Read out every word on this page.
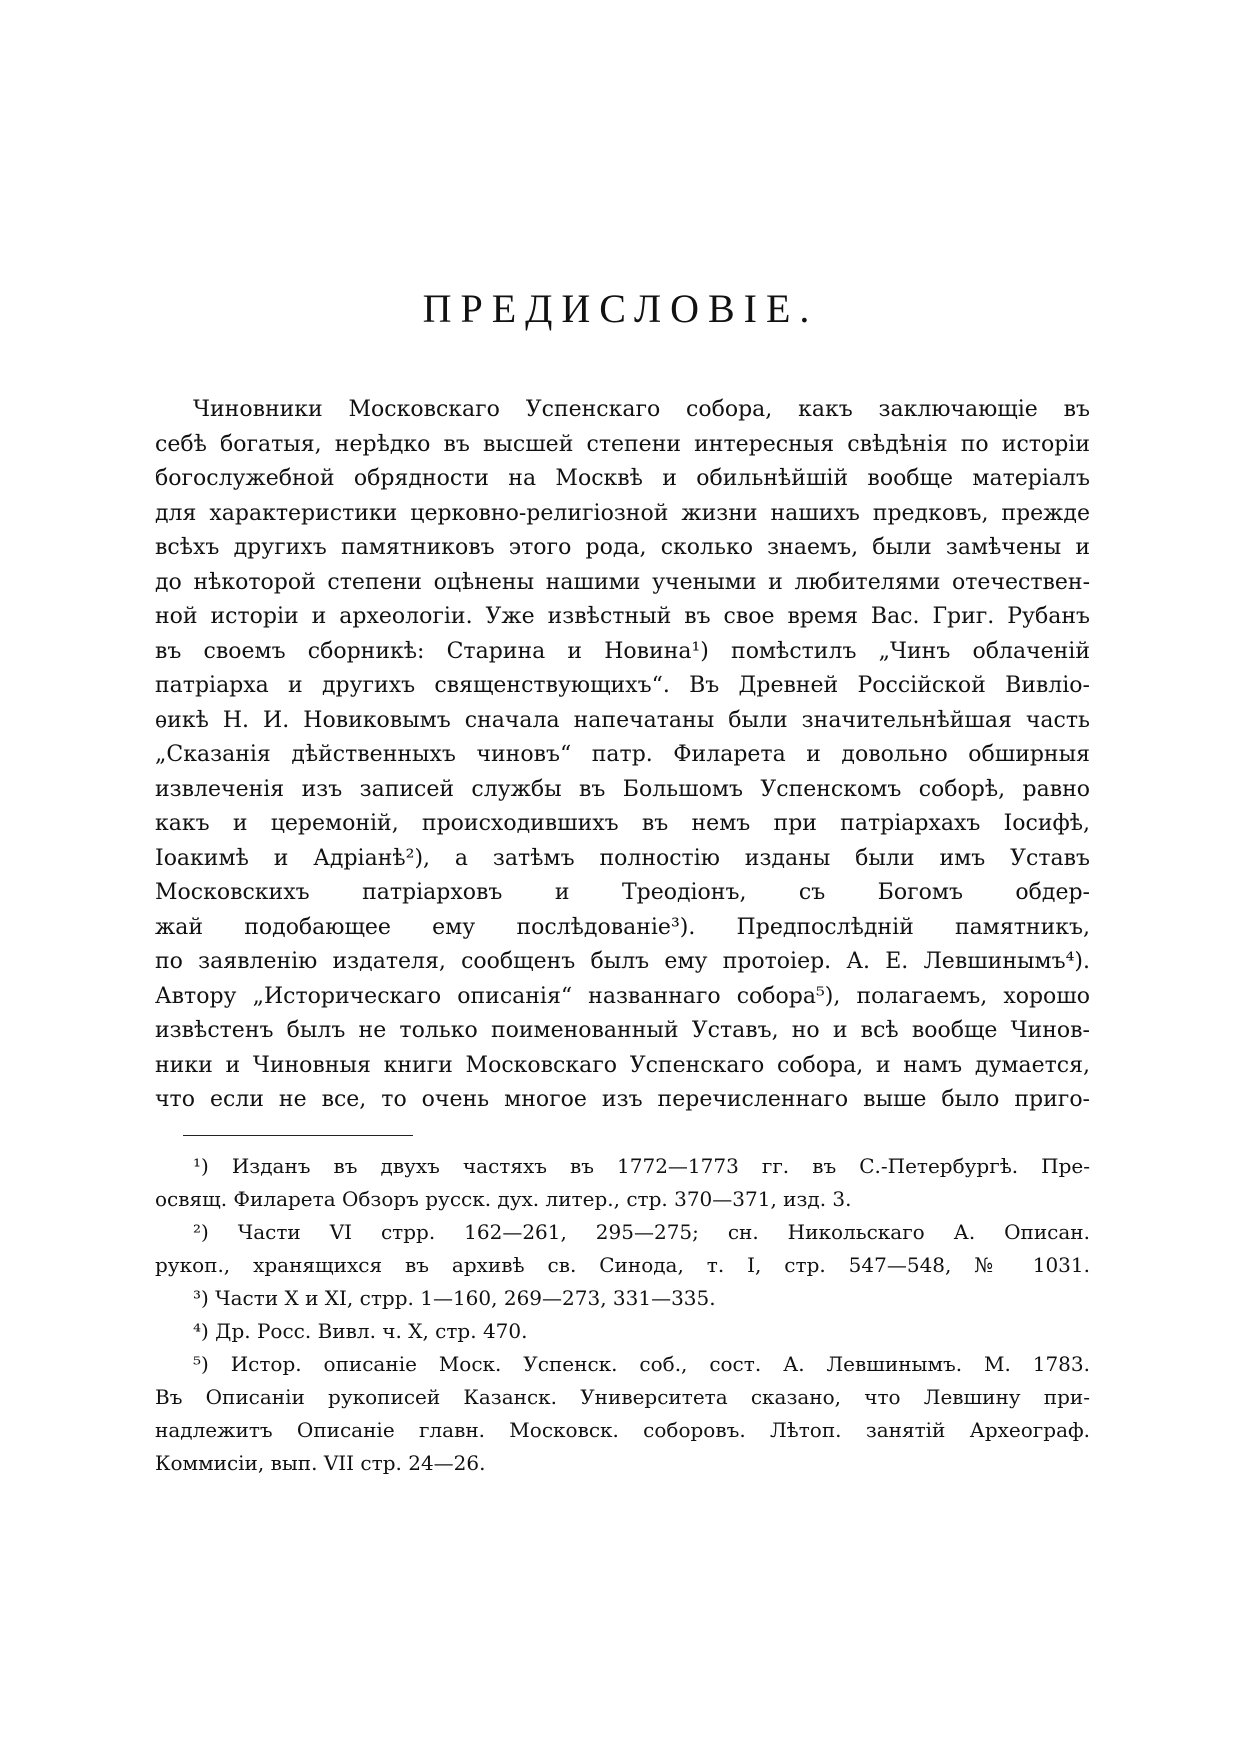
ПРЕДИСЛОВІЕ.
Чиновники Московскаго Успенскаго собора, какъ заключающіе въ
себѣ богатыя, нерѣдко въ высшей степени интересныя свѣдѣнія по исторіи
богослужебной обрядности на Москвѣ и обильнѣйшій вообще матеріалъ
для характеристики церковно-религіозной жизни нашихъ предковъ, прежде
всѣхъ другихъ памятниковъ этого рода, сколько знаемъ, были замѣчены и
до нѣкоторой степени оцѣнены нашими учеными и любителями отечествен-
ной исторіи и археологіи. Уже извѣстный въ свое время Вас. Григ. Рубанъ
въ своемъ сборникѣ: Старина и Новина¹) помѣстилъ „Чинъ облаченій
патріарха и другихъ священствующихъ“. Въ Древней Россійской Вивліо-
ѳикѣ Н. И. Новиковымъ сначала напечатаны были значительнѣйшая часть
„Сказанія дѣйственныхъ чиновъ“ патр. Филарета и довольно обширныя
извлеченія изъ записей службы въ Большомъ Успенскомъ соборѣ, равно
какъ и церемоній, происходившихъ въ немъ при патріархахъ Іосифѣ,
Іоакимѣ и Адріанѣ²), а затѣмъ полностію изданы были имъ Уставъ
Московскихъ патріарховъ и Треодіонъ, съ Богомъ обдер-
жай подобающее ему послѣдованіе³). Предпослѣдній памятникъ,
по заявленію издателя, сообщенъ былъ ему протоіер. А. Е. Левшинымъ⁴).
Автору „Историческаго описанія“ названнаго собора⁵), полагаемъ, хорошо
извѣстенъ былъ не только поименованный Уставъ, но и всѣ вообще Чинов-
ники и Чиновныя книги Московскаго Успенскаго собора, и намъ думается,
что если не все, то очень многое изъ перечисленнаго выше было приго-
¹) Изданъ въ двухъ частяхъ въ 1772—1773 гг. въ С.-Петербургѣ. Пре-
освящ. Филарета Обзоръ русск. дух. литер., стр. 370—371, изд. 3.
²) Части VI стрр. 162—261, 295—275; сн. Никольскаго А. Описан.
рукоп., хранящихся въ архивѣ св. Синода, т. I, стр. 547—548, № 1031.
³) Части X и XI, стрр. 1—160, 269—273, 331—335.
⁴) Др. Росс. Вивл. ч. X, стр. 470.
⁵) Истор. описаніе Моск. Успенск. соб., сост. А. Левшинымъ. М. 1783.
Въ Описаніи рукописей Казанск. Университета сказано, что Левшину при-
надлежитъ Описаніе главн. Московск. соборовъ. Лѣтоп. занятій Археограф.
Коммисіи, вып. VII стр. 24—26.
